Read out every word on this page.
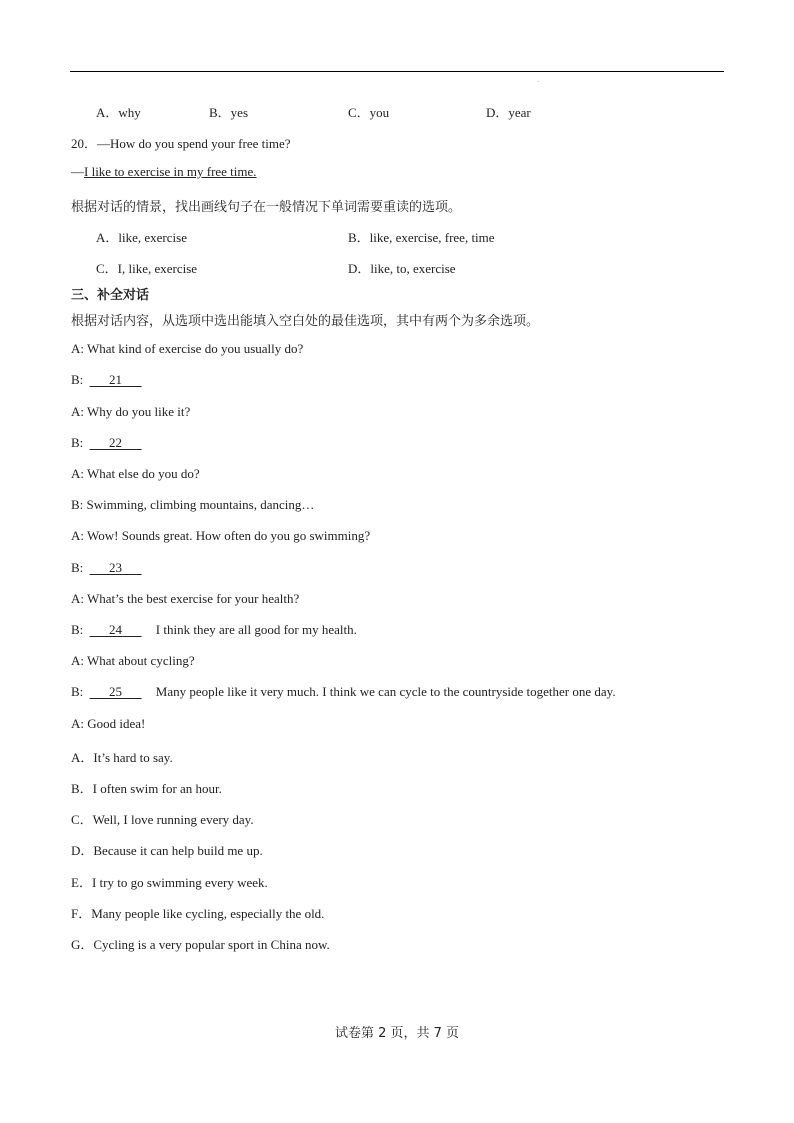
.
A．why	B．yes	C．you	D．year
20．—How do you spend your free time?
—I like to exercise in my free time.
根据对话的情景，找出画线句子在一般情况下单词需要重读的选项。
A．like, exercise	B．like, exercise, free, time
C．I, like, exercise	D．like, to, exercise
三、补全对话
根据对话内容，从选项中选出能填入空白处的最佳选项，其中有两个为多余选项。
A: What kind of exercise do you usually do?
B: 21
A: Why do you like it?
B: 22
A: What else do you do?
B: Swimming, climbing mountains, dancing…
A: Wow! Sounds great. How often do you go swimming?
B: 23
A: What’s the best exercise for your health?
B: 24	I think they are all good for my health.
A: What about cycling?
B: 25	Many people like it very much. I think we can cycle to the countryside together one day.
A: Good idea!
A．It’s hard to say.
B．I often swim for an hour.
C．Well, I love running every day.
D．Because it can help build me up.
E．I try to go swimming every week.
F．Many people like cycling, especially the old.
G．Cycling is a very popular sport in China now.
试卷第 2 页，共 7 页
